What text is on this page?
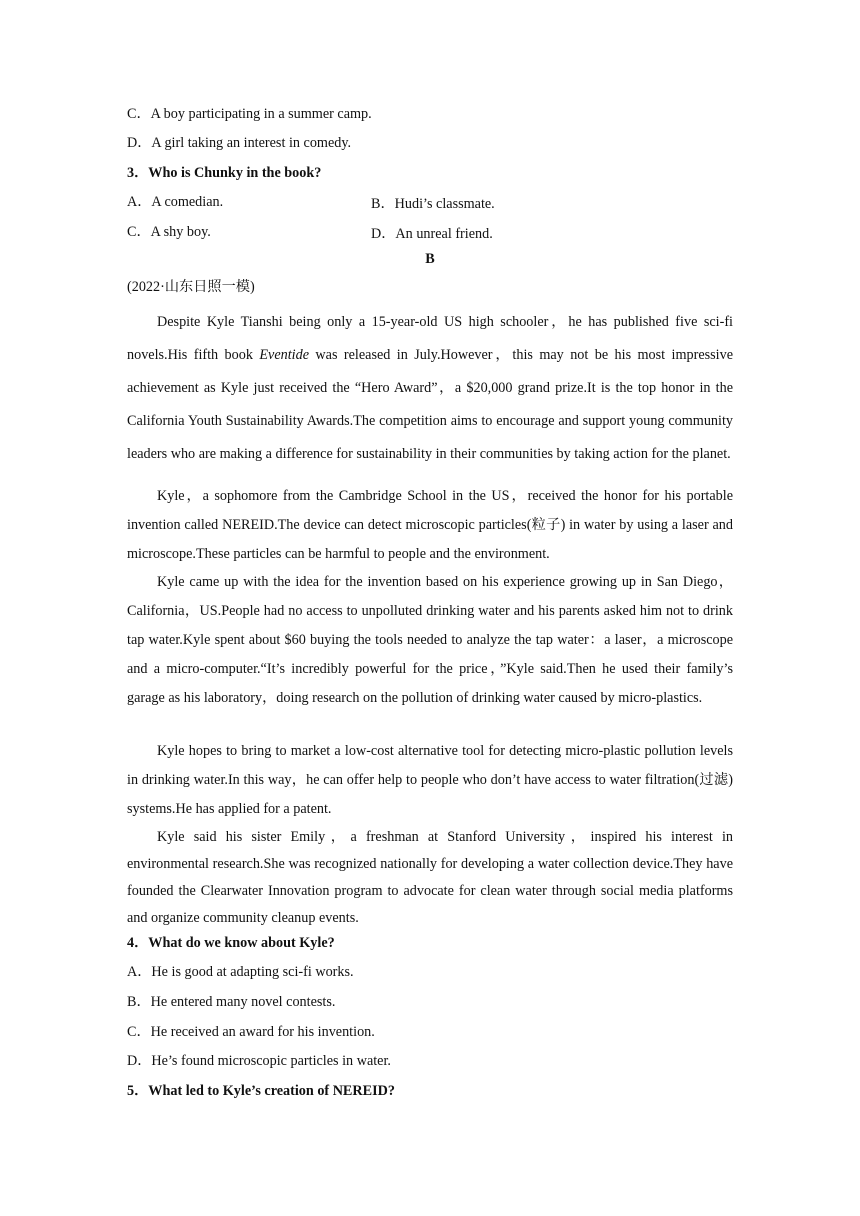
C．A boy participating in a summer camp.
D．A girl taking an interest in comedy.
3．Who is Chunky in the book?
A．A comedian.	B．Hudi’s classmate.
C．A shy boy.	D．An unreal friend.
B
(2022·山东日照一模)

Despite Kyle Tianshi being only a 15-year-old US high schooler，he has published five sci-fi novels.His fifth book Eventide was released in July.However，this may not be his most impressive achievement as Kyle just received the “Hero Award”，a $20,000 grand prize.It is the top honor in the California Youth Sustainability Awards.The competition aims to encourage and support young community leaders who are making a difference for sustainability in their communities by taking action for the planet.

Kyle，a sophomore from the Cambridge School in the US，received the honor for his portable invention called NEREID.The device can detect microscopic particles(粒子) in water by using a laser and microscope.These particles can be harmful to people and the environment.

Kyle came up with the idea for the invention based on his experience growing up in San Diego，California，US.People had no access to unpolluted drinking water and his parents asked him not to drink tap water.Kyle spent about $60 buying the tools needed to analyze the tap water：a laser，a microscope and a micro-computer.“It’s incredibly powerful for the price，”Kyle said.Then he used their family’s garage as his laboratory，doing research on the pollution of drinking water caused by micro-plastics.

Kyle hopes to bring to market a low-cost alternative tool for detecting micro-plastic pollution levels in drinking water.In this way，he can offer help to people who don’t have access to water filtration(过滤) systems.He has applied for a patent.

Kyle said his sister Emily，a freshman at Stanford University，inspired his interest in environmental research.She was recognized nationally for developing a water collection device.They have founded the Clearwater Innovation program to advocate for clean water through social media platforms and organize community cleanup events.

4．What do we know about Kyle?
A．He is good at adapting sci-fi works.
B．He entered many novel contests.
C．He received an award for his invention.
D．He’s found microscopic particles in water.
5．What led to Kyle’s creation of NEREID?
